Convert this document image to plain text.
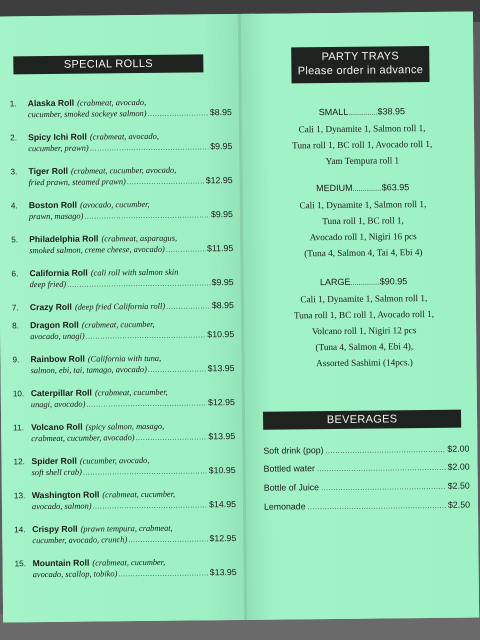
SPECIAL ROLLS
1.	Alaska Roll (crabmeat, avocado,
cucumber, smoked sockeye salmon) .....	$8.95
2.	Spicy Ichi Roll (crabmeat, avocado,
cucumber, prawn) .....	$9.95
3.	Tiger Roll (crabmeat, cucumber, avocado,
fried prawn, steamed prawn) .....	$12.95
4.	Boston Roll (avocado, cucumber,
prawn, masago) .....	$9.95
5.	Philadelphia Roll (crabmeat, asparagus,
smoked salmon, creme cheese, avocado) .....	$11.95
6.	California Roll (cali roll with salmon skin
deep fried) .....	$9.95
7.	Crazy Roll (deep fried California roll) .....	$8.95
8.	Dragon Roll (crabmeat, cucumber,
avocado, unagi) .....	$10.95
9.	Rainbow Roll (California with tuna,
salmon, ebi, tai, tamago, avocado) .....	$13.95
10. Caterpillar Roll (crabmeat, cucumber,
unagi, avocado) .....	$12.95
11. Volcano Roll (spicy salmon, masago,
crabmeat, cucumber, avocado) .....	$13.95
12. Spider Roll (cucumber, avocado,
soft shell crab) .....	$10.95
13. Washington Roll (crabmeat, cucumber,
avocado, salmon) .....	$14.95
14. Crispy Roll (prawn tempura, crabmeat,
cucumber, avocado, crunch) .....	$12.95
15. Mountain Roll (crabmeat, cucumber,
avocado, scallop, tobiko) .....	$13.95
PARTY TRAYS
Please order in advance
SMALL...............$38.95
Cali 1, Dynamite 1, Salmon roll 1,
Tuna roll 1, BC roll 1, Avocado roll 1,
Yam Tempura roll 1
MEDIUM...............$63.95
Cali 1, Dynamite 1, Salmon roll 1,
Tuna roll 1, BC roll 1,
Avocado roll 1, Nigiri 16 pcs
(Tuna 4, Salmon 4, Tai 4, Ebi 4)
LARGE...............$90.95
Cali 1, Dynamite 1, Salmon roll 1,
Tuna roll 1, BC roll 1, Avocado roll 1,
Volcano roll 1, Nigiri 12 pcs
(Tuna 4, Salmon 4, Ebi 4),
Assorted Sashimi (14pcs.)
BEVERAGES
Soft drink (pop) .....	$2.00
Bottled water .....	$2.00
Bottle of Juice .....	$2.50
Lemonade .....	$2.50
